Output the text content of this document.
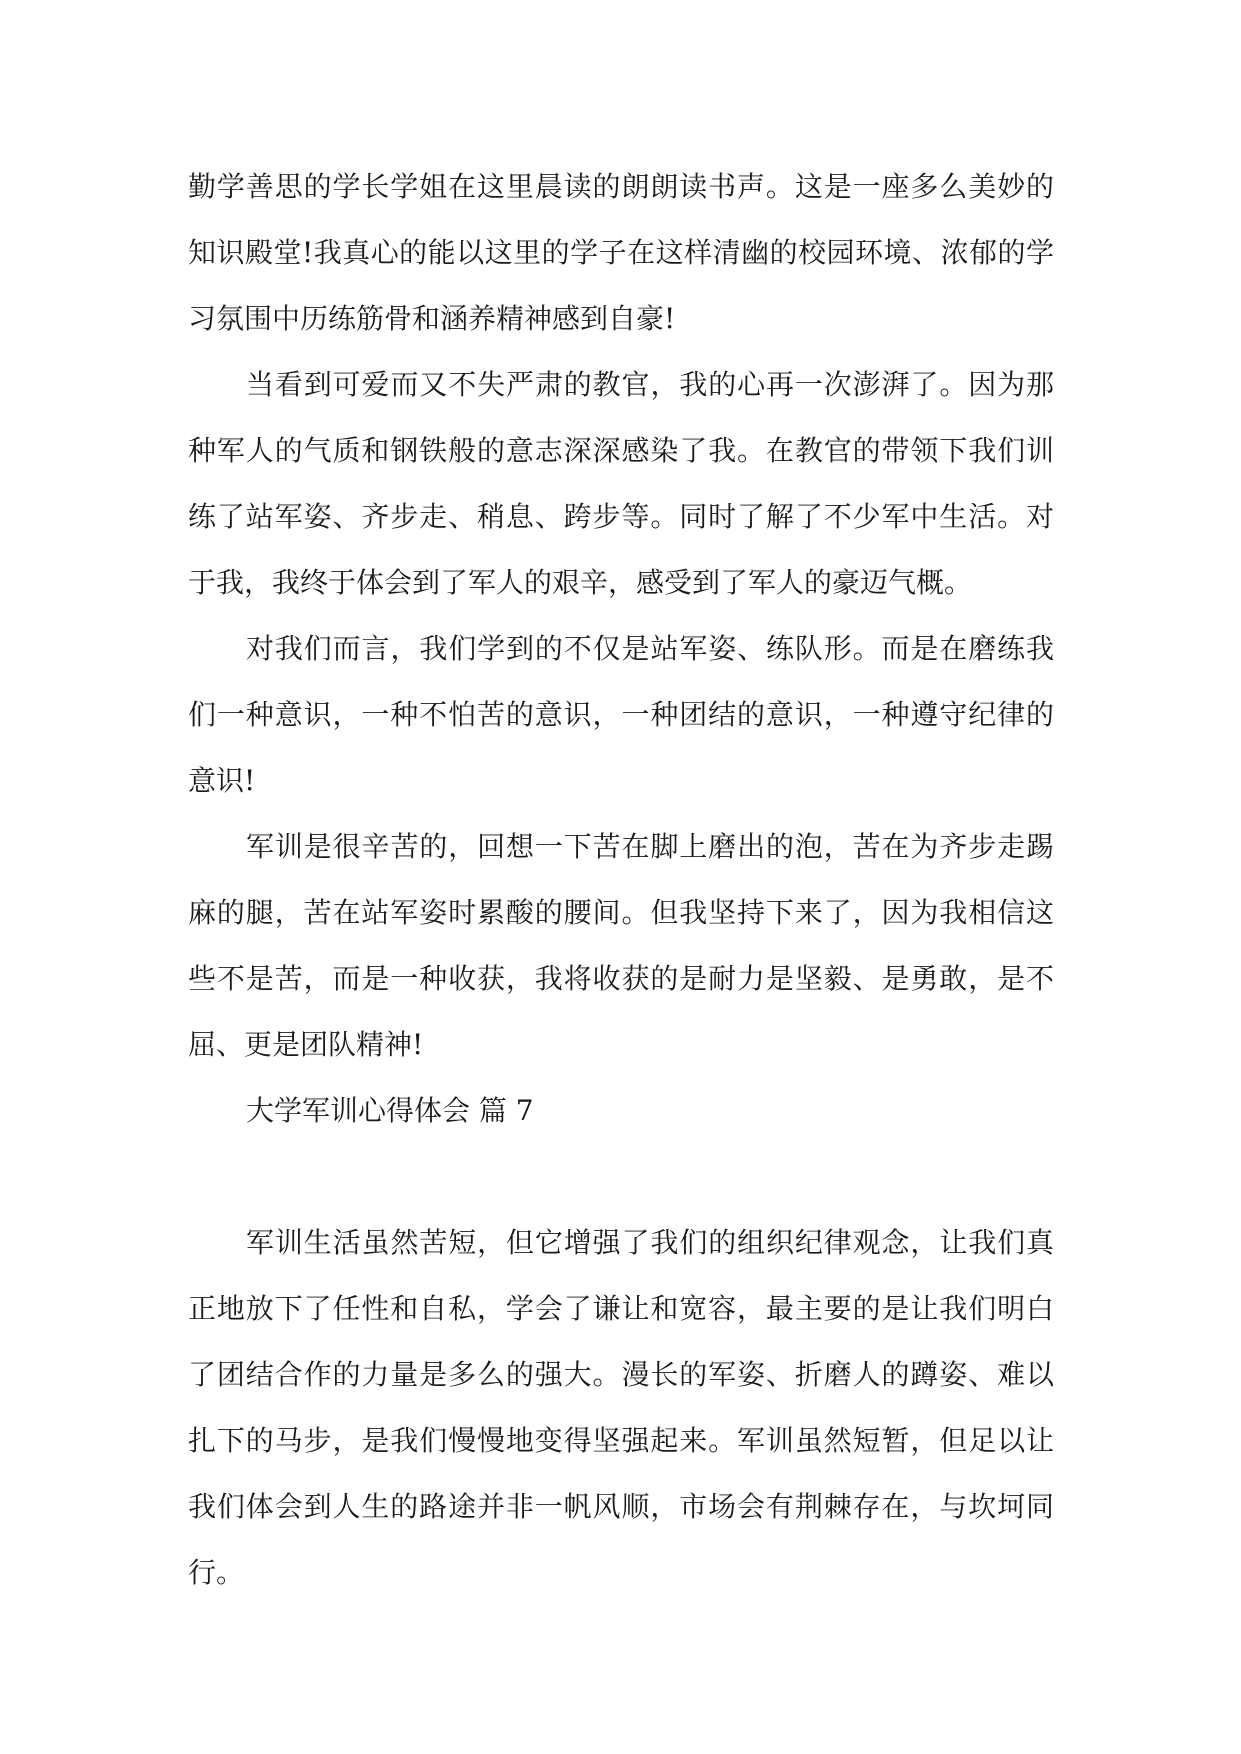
勤学善思的学长学姐在这里晨读的朗朗读书声。这是一座多么美妙的知识殿堂!我真心的能以这里的学子在这样清幽的校园环境、浓郁的学习氛围中历练筋骨和涵养精神感到自豪!

当看到可爱而又不失严肃的教官，我的心再一次澎湃了。因为那种军人的气质和钢铁般的意志深深感染了我。在教官的带领下我们训练了站军姿、齐步走、稍息、跨步等。同时了解了不少军中生活。对于我，我终于体会到了军人的艰辛，感受到了军人的豪迈气概。

对我们而言，我们学到的不仅是站军姿、练队形。而是在磨练我们一种意识，一种不怕苦的意识，一种团结的意识，一种遵守纪律的意识!

军训是很辛苦的，回想一下苦在脚上磨出的泡，苦在为齐步走踢麻的腿，苦在站军姿时累酸的腰间。但我坚持下来了，因为我相信这些不是苦，而是一种收获，我将收获的是耐力是坚毅、是勇敢，是不屈、更是团队精神!

大学军训心得体会 篇 7

军训生活虽然苦短，但它增强了我们的组织纪律观念，让我们真正地放下了任性和自私，学会了谦让和宽容，最主要的是让我们明白了团结合作的力量是多么的强大。漫长的军姿、折磨人的蹲姿、难以扎下的马步，是我们慢慢地变得坚强起来。军训虽然短暂，但足以让我们体会到人生的路途并非一帆风顺，市场会有荆棘存在，与坎坷同行。
